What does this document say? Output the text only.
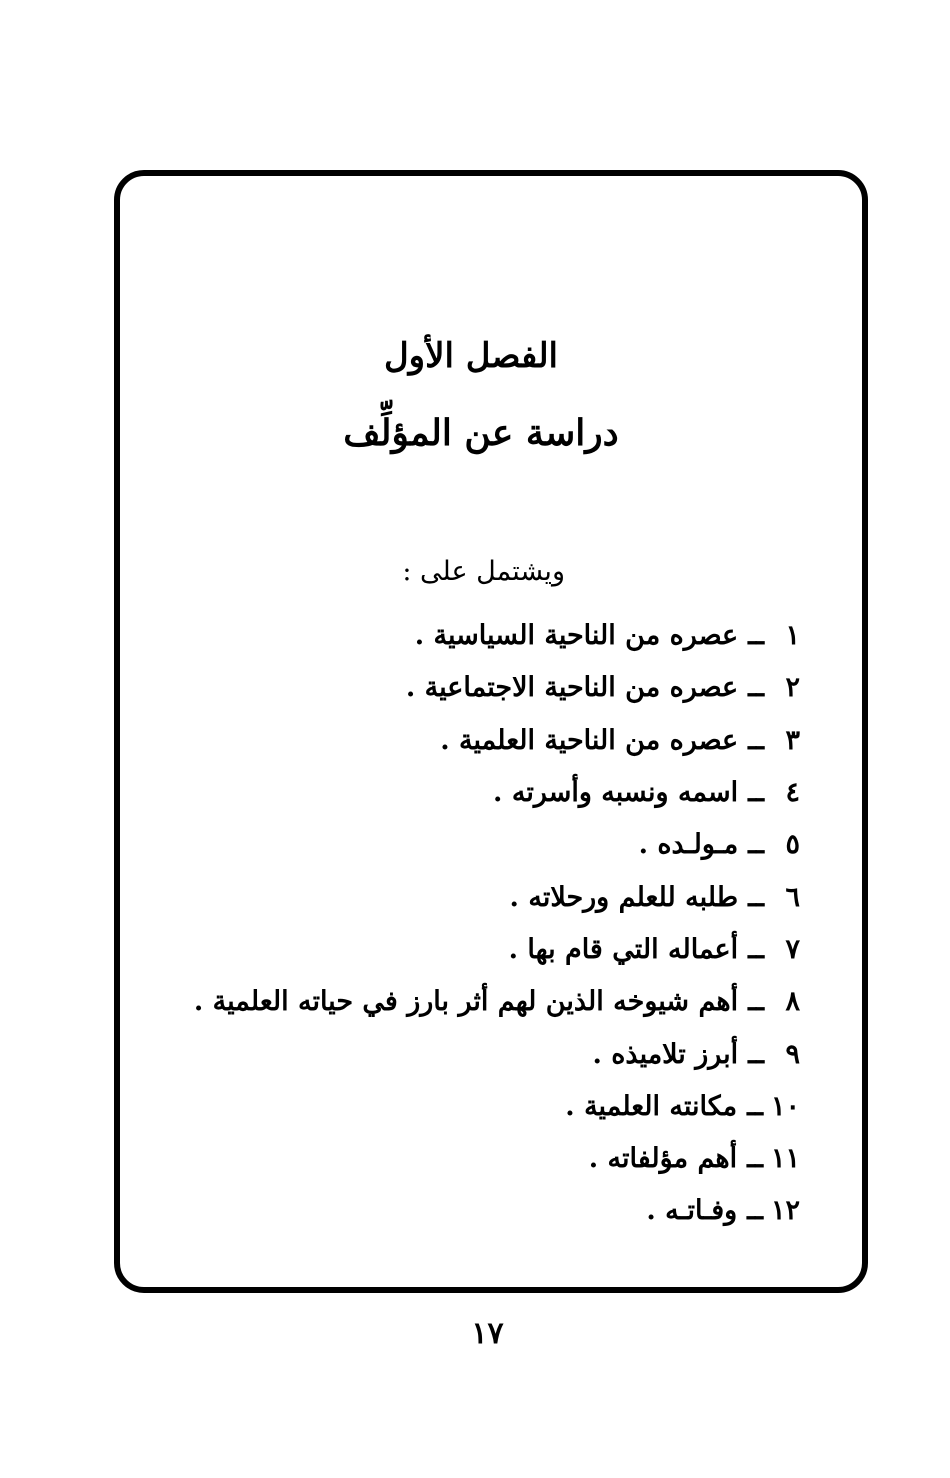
الفصل الأول
دراسة عن المؤلِّف
ويشتمل على :
١
ــ
عصره من الناحية السياسية .
٢
ــ
عصره من الناحية الاجتماعية .
٣
ــ
عصره من الناحية العلمية .
٤
ــ
اسمه ونسبه وأسرته .
٥
ــ
مـولـده .
٦
ــ
طلبه للعلم ورحلاته .
٧
ــ
أعماله التي قام بها .
٨
ــ
أهم شيوخه الذين لهم أثر بارز في حياته العلمية .
٩
ــ
أبرز تلاميذه .
١٠
ــ
مكانته العلمية .
١١
ــ
أهم مؤلفاته .
١٢
ــ
وفـاتـه .
١٧
